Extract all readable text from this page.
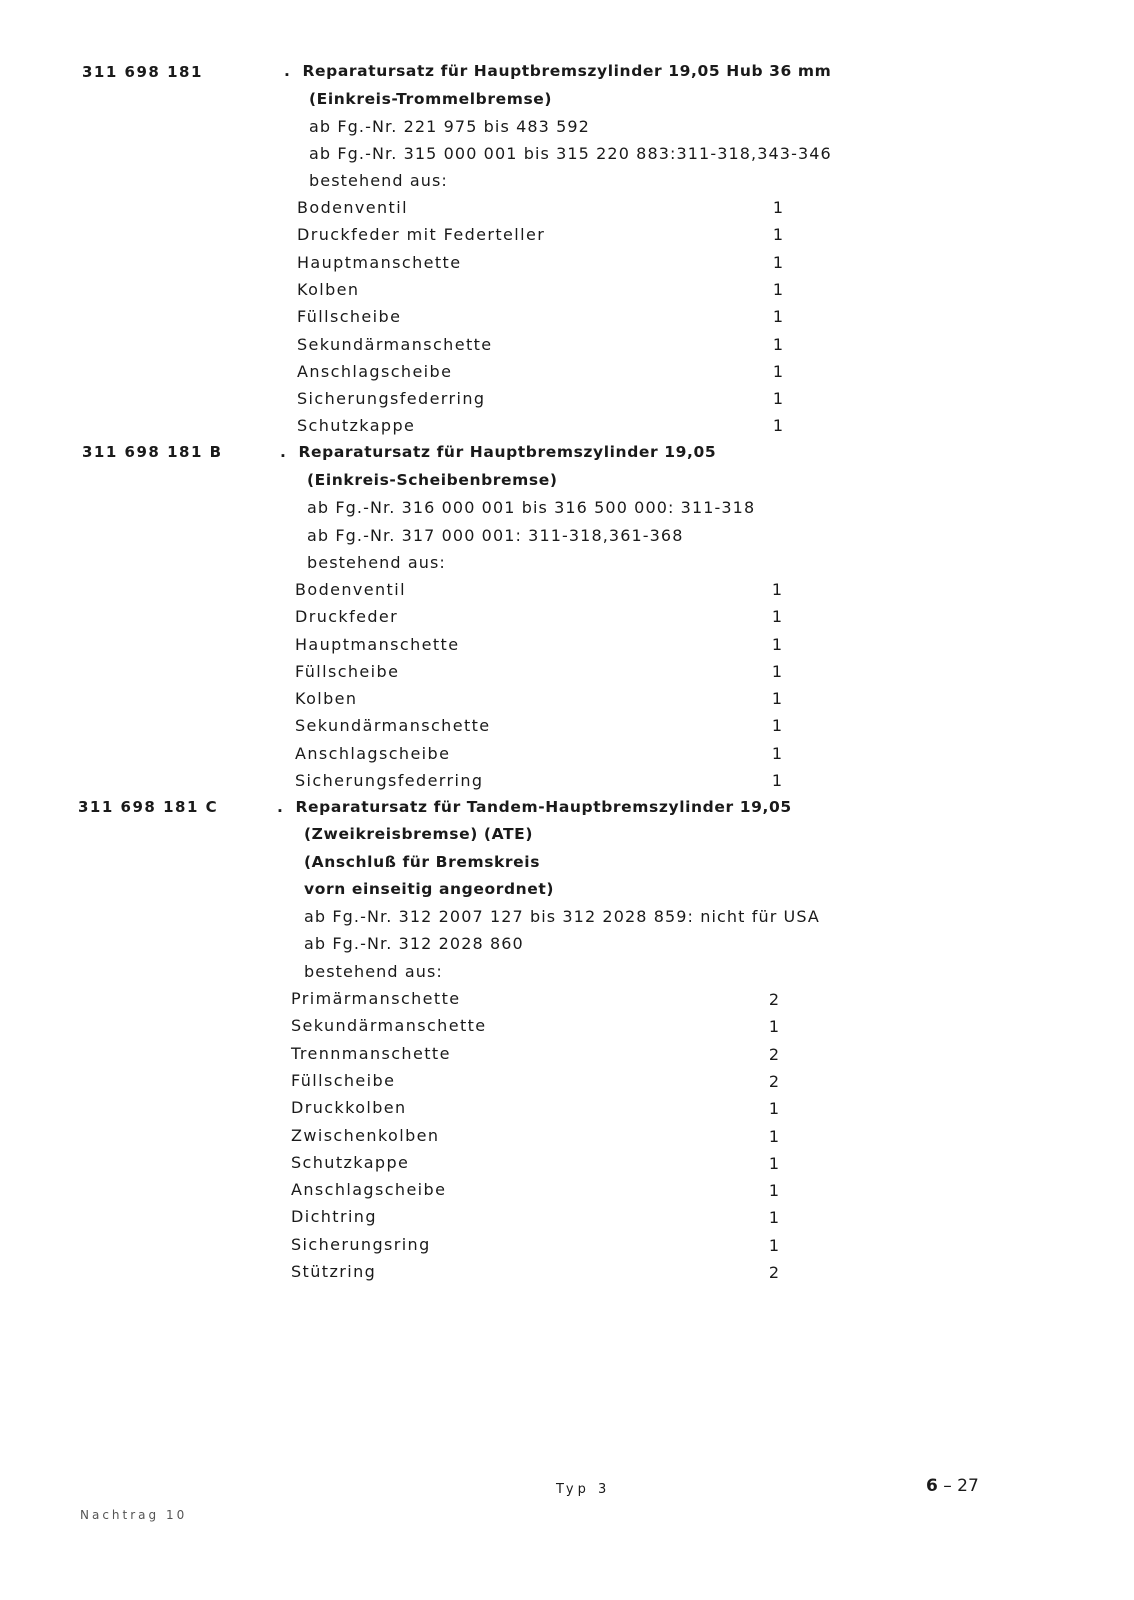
311 698 181	.  Reparatursatz für Hauptbremszylinder 19,05 Hub 36 mm
(Einkreis-Trommelbremse)
ab Fg.-Nr. 221 975 bis 483 592
ab Fg.-Nr. 315 000 001 bis 315 220 883:311-318,343-346
bestehend aus:
Bodenventil	1
Druckfeder mit Federteller	1
Hauptmanschette	1
Kolben	1
Füllscheibe	1
Sekundärmanschette	1
Anschlagscheibe	1
Sicherungsfederring	1
Schutzkappe	1
311 698 181 B	.  Reparatursatz für Hauptbremszylinder 19,05
(Einkreis-Scheibenbremse)
ab Fg.-Nr. 316 000 001 bis 316 500 000: 311-318
ab Fg.-Nr. 317 000 001: 311-318,361-368
bestehend aus:
Bodenventil	1
Druckfeder	1
Hauptmanschette	1
Füllscheibe	1
Kolben	1
Sekundärmanschette	1
Anschlagscheibe	1
Sicherungsfederring	1
311 698 181 C	.  Reparatursatz für Tandem-Hauptbremszylinder 19,05
(Zweikreisbremse) (ATE)
(Anschluß für Bremskreis
vorn einseitig angeordnet)
ab Fg.-Nr. 312 2007 127 bis 312 2028 859: nicht für USA
ab Fg.-Nr. 312 2028 860
bestehend aus:
Primärmanschette	2
Sekundärmanschette	1
Trennmanschette	2
Füllscheibe	2
Druckkolben	1
Zwischenkolben	1
Schutzkappe	1
Anschlagscheibe	1
Dichtring	1
Sicherungsring	1
Stützring	2
Typ 3	6 – 27
Nachtrag 10
